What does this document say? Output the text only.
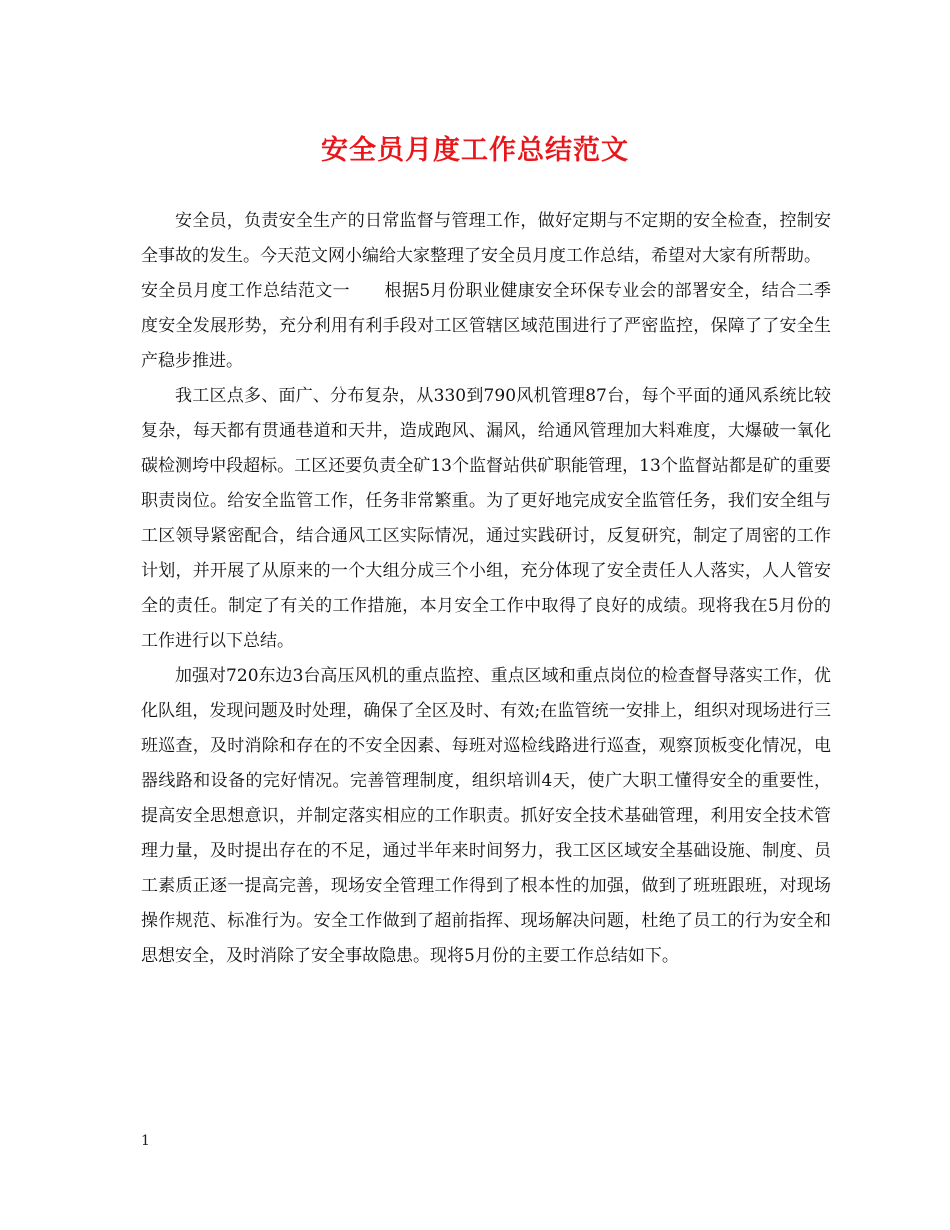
安全员月度工作总结范文

安全员，负责安全生产的日常监督与管理工作，做好定期与不定期的安全检查，控制安全事故的发生。今天范文网小编给大家整理了安全员月度工作总结，希望对大家有所帮助。

安全员月度工作总结范文一 根据5月份职业健康安全环保专业会的部署安全，结合二季度安全发展形势，充分利用有利手段对工区管辖区域范围进行了严密监控，保障了了安全生产稳步推进。

我工区点多、面广、分布复杂，从330到790风机管理87台，每个平面的通风系统比较复杂，每天都有贯通巷道和天井，造成跑风、漏风，给通风管理加大料难度，大爆破一氧化碳检测垮中段超标。工区还要负责全矿13个监督站供矿职能管理，13个监督站都是矿的重要职责岗位。给安全监管工作，任务非常繁重。为了更好地完成安全监管任务，我们安全组与工区领导紧密配合，结合通风工区实际情况，通过实践研讨，反复研究，制定了周密的工作计划，并开展了从原来的一个大组分成三个小组，充分体现了安全责任人人落实，人人管安全的责任。制定了有关的工作措施，本月安全工作中取得了良好的成绩。现将我在5月份的工作进行以下总结。

加强对720东边3台高压风机的重点监控、重点区域和重点岗位的检查督导落实工作，优化队组，发现问题及时处理，确保了全区及时、有效;在监管统一安排上，组织对现场进行三班巡查，及时消除和存在的不安全因素、每班对巡检线路进行巡查，观察顶板变化情况，电器线路和设备的完好情况。完善管理制度，组织培训4天，使广大职工懂得安全的重要性，提高安全思想意识，并制定落实相应的工作职责。抓好安全技术基础管理，利用安全技术管理力量，及时提出存在的不足，通过半年来时间努力，我工区区域安全基础设施、制度、员工素质正逐一提高完善，现场安全管理工作得到了根本性的加强，做到了班班跟班，对现场操作规范、标准行为。安全工作做到了超前指挥、现场解决问题，杜绝了员工的行为安全和思想安全，及时消除了安全事故隐患。现将5月份的主要工作总结如下。

1
